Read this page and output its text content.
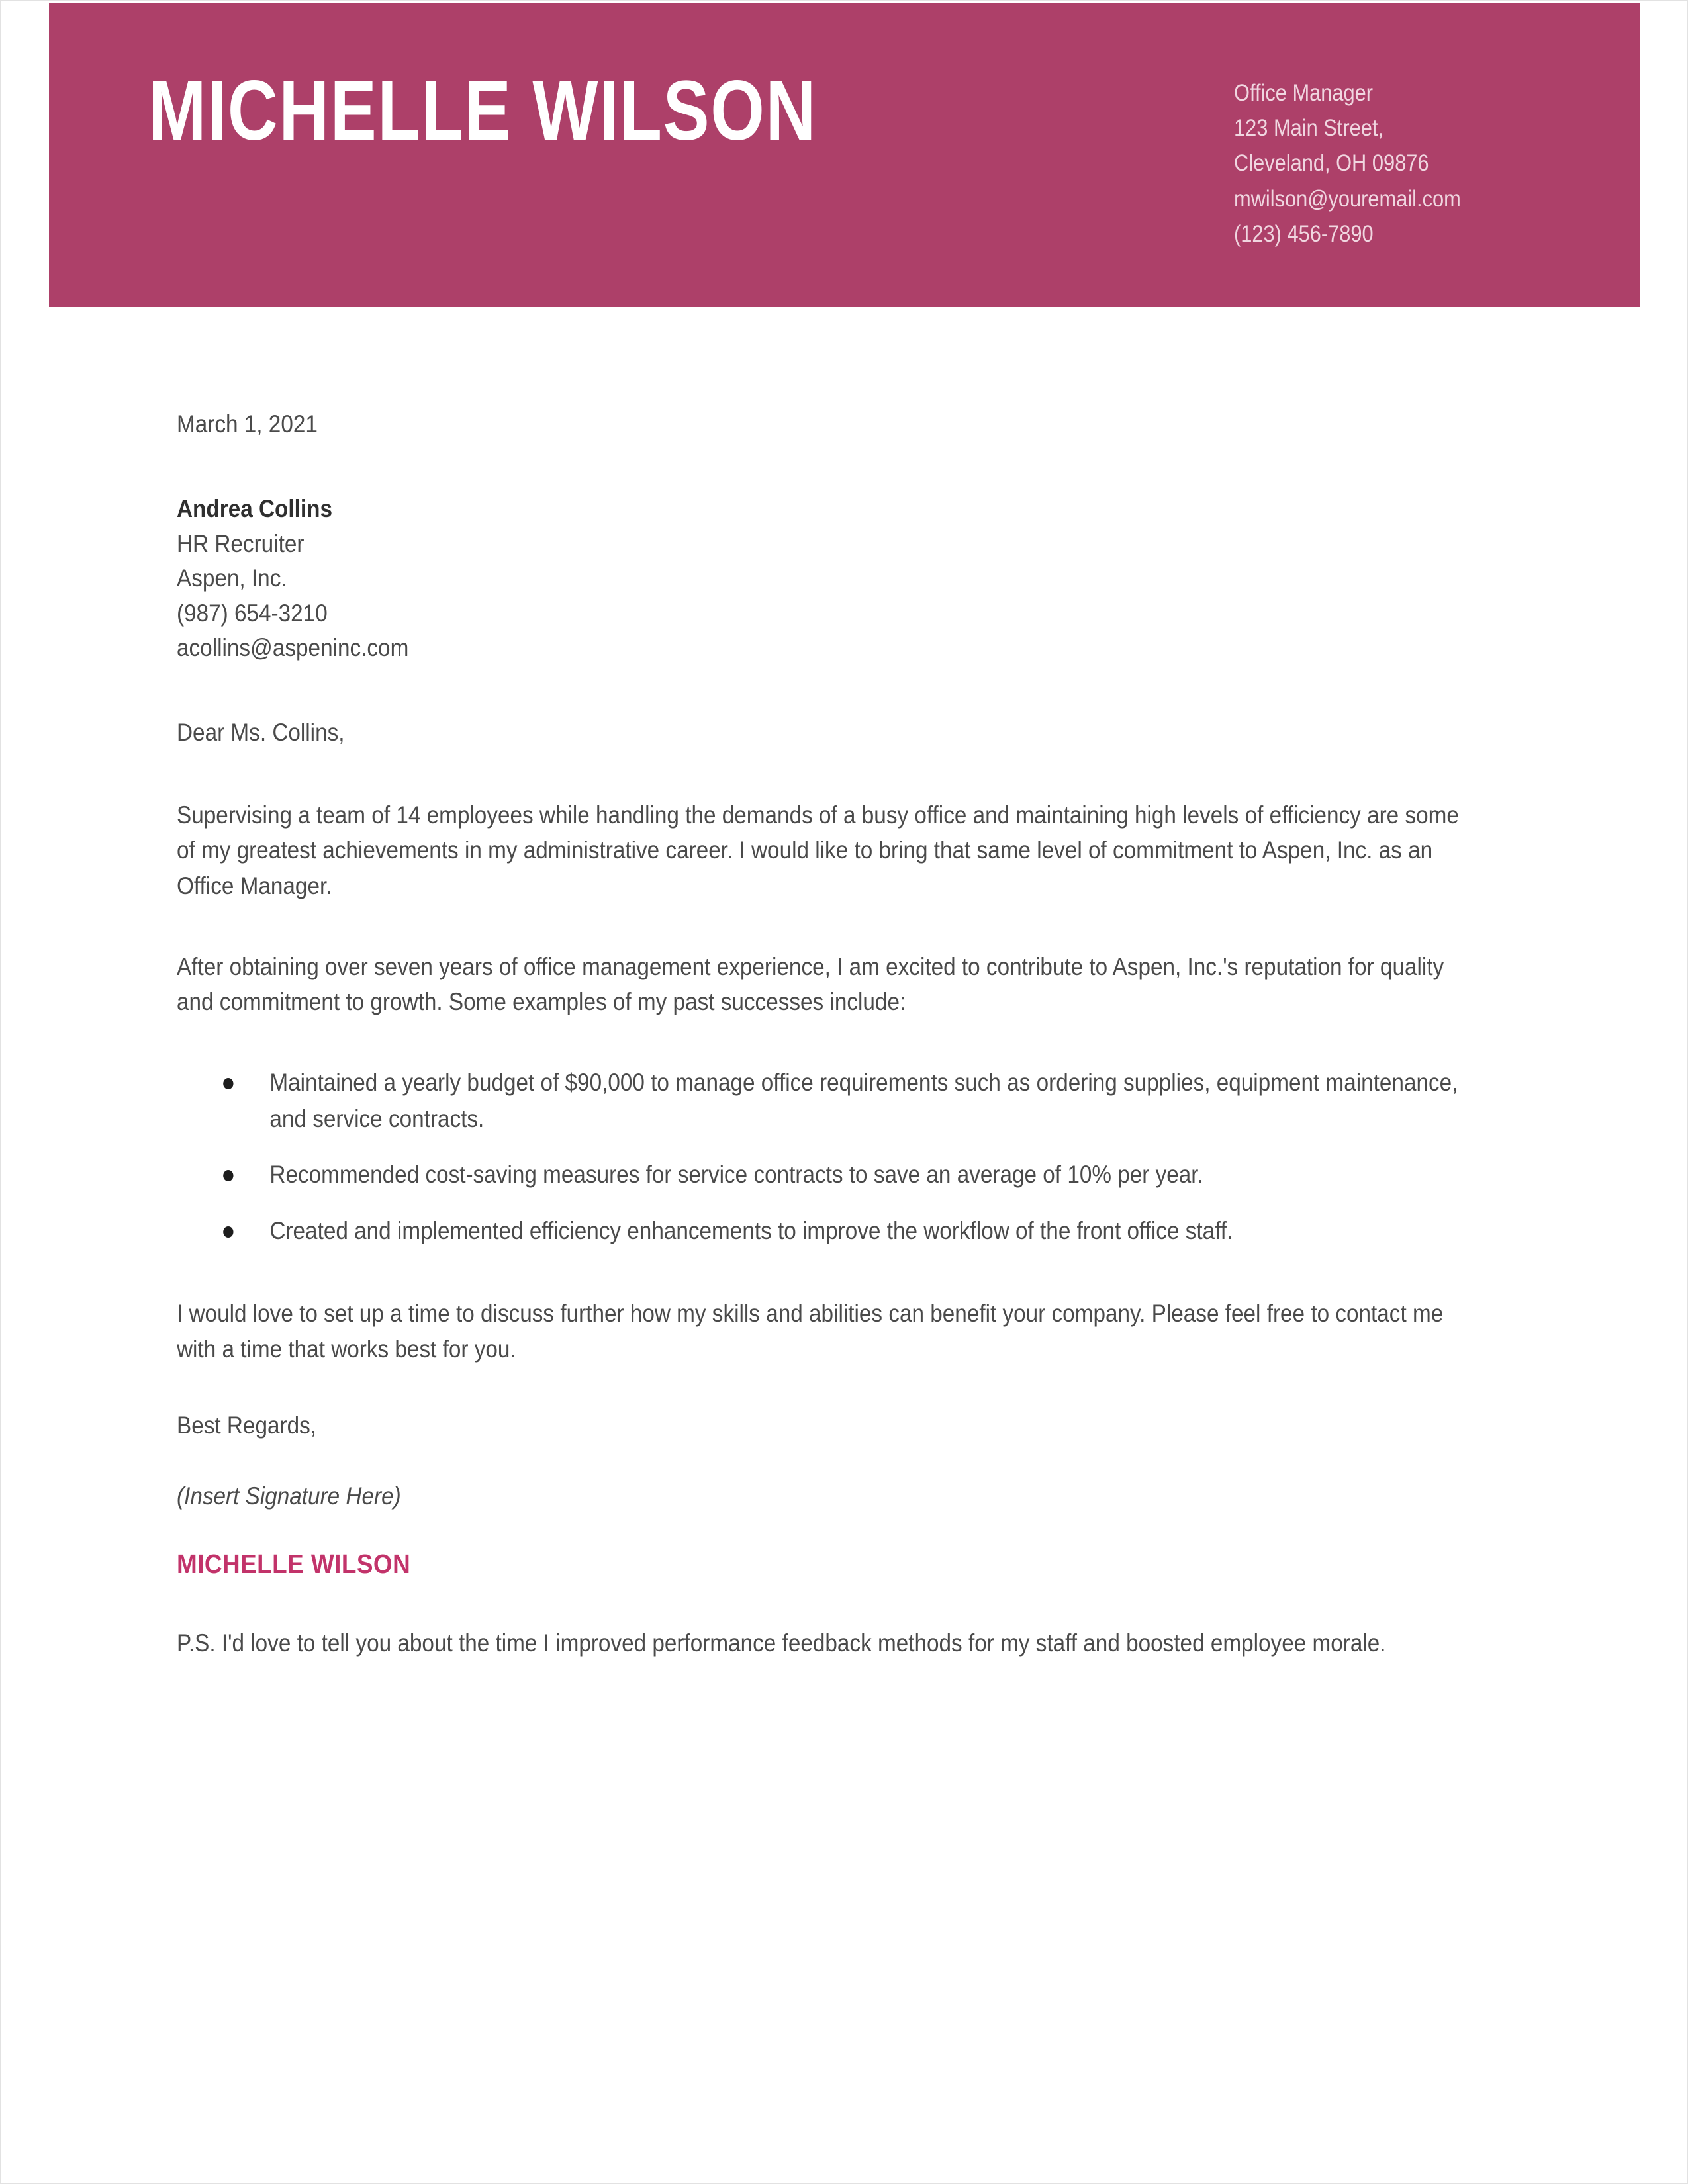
MICHELLE WILSON	Office Manager
123 Main Street,
Cleveland, OH 09876
mwilson@youremail.com
(123) 456-7890
March 1, 2021
Andrea Collins
HR Recruiter
Aspen, Inc.
(987) 654-3210
acollins@aspeninc.com
Dear Ms. Collins,

Supervising a team of 14 employees while handling the demands of a busy office and maintaining high levels of efficiency are some of my greatest achievements in my administrative career. I would like to bring that same level of commitment to Aspen, Inc. as an Office Manager.

After obtaining over seven years of office management experience, I am excited to contribute to Aspen, Inc.'s reputation for quality and commitment to growth. Some examples of my past successes include:

Maintained a yearly budget of $90,000 to manage office requirements such as ordering supplies, equipment maintenance, and service contracts.
Recommended cost-saving measures for service contracts to save an average of 10% per year.
Created and implemented efficiency enhancements to improve the workflow of the front office staff.

I would love to set up a time to discuss further how my skills and abilities can benefit your company. Please feel free to contact me with a time that works best for you.

Best Regards,
(Insert Signature Here)
MICHELLE WILSON

P.S. I'd love to tell you about the time I improved performance feedback methods for my staff and boosted employee morale.
